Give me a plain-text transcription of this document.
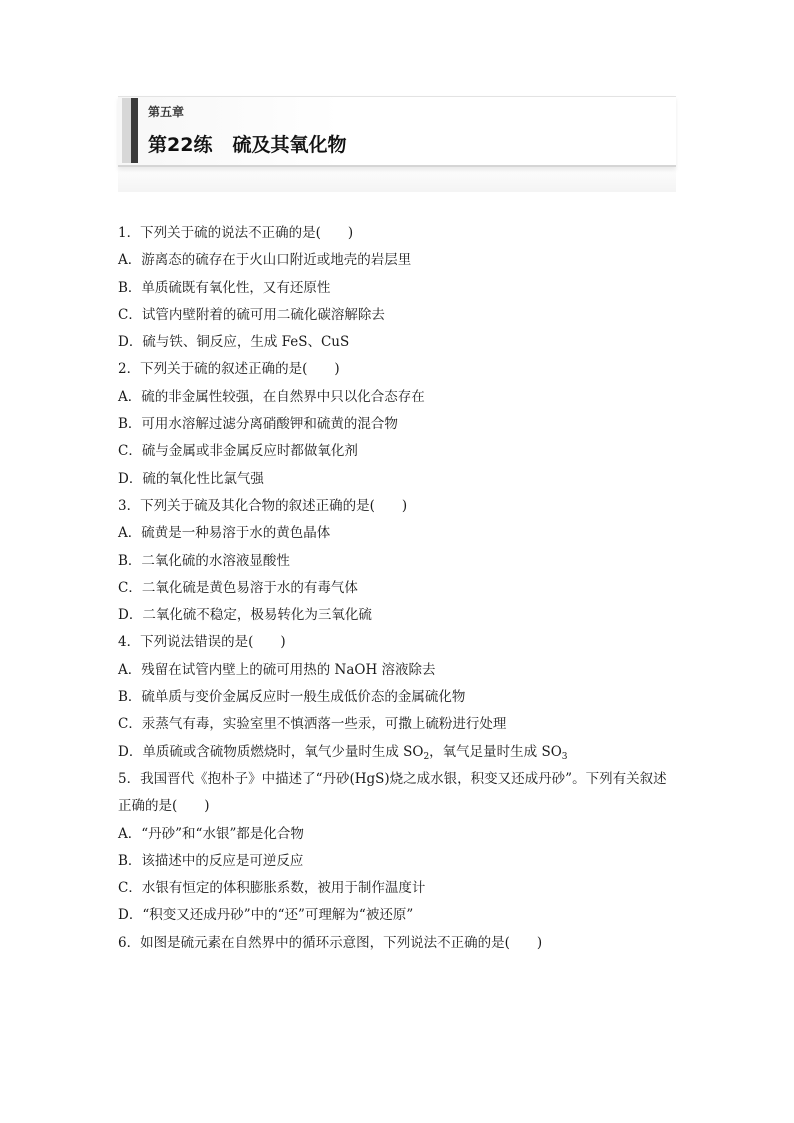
第五章
第22练 硫及其氧化物
1．下列关于硫的说法不正确的是(　　)
A．游离态的硫存在于火山口附近或地壳的岩层里
B．单质硫既有氧化性，又有还原性
C．试管内壁附着的硫可用二硫化碳溶解除去
D．硫与铁、铜反应，生成 FeS、CuS
2．下列关于硫的叙述正确的是(　　)
A．硫的非金属性较强，在自然界中只以化合态存在
B．可用水溶解过滤分离硝酸钾和硫黄的混合物
C．硫与金属或非金属反应时都做氧化剂
D．硫的氧化性比氯气强
3．下列关于硫及其化合物的叙述正确的是(　　)
A．硫黄是一种易溶于水的黄色晶体
B．二氧化硫的水溶液显酸性
C．二氧化硫是黄色易溶于水的有毒气体
D．二氧化硫不稳定，极易转化为三氧化硫
4．下列说法错误的是(　　)
A．残留在试管内壁上的硫可用热的 NaOH 溶液除去
B．硫单质与变价金属反应时一般生成低价态的金属硫化物
C．汞蒸气有毒，实验室里不慎洒落一些汞，可撒上硫粉进行处理
D．单质硫或含硫物质燃烧时，氧气少量时生成 $SO_2$，氧气足量时生成 $SO_3$
5．我国晋代《抱朴子》中描述了“丹砂(HgS)烧之成水银，积变又还成丹砂”。下列有关叙述
正确的是(　　)
A．“丹砂”和“水银”都是化合物
B．该描述中的反应是可逆反应
C．水银有恒定的体积膨胀系数，被用于制作温度计
D．“积变又还成丹砂”中的“还”可理解为“被还原”
6．如图是硫元素在自然界中的循环示意图，下列说法不正确的是(　　)
